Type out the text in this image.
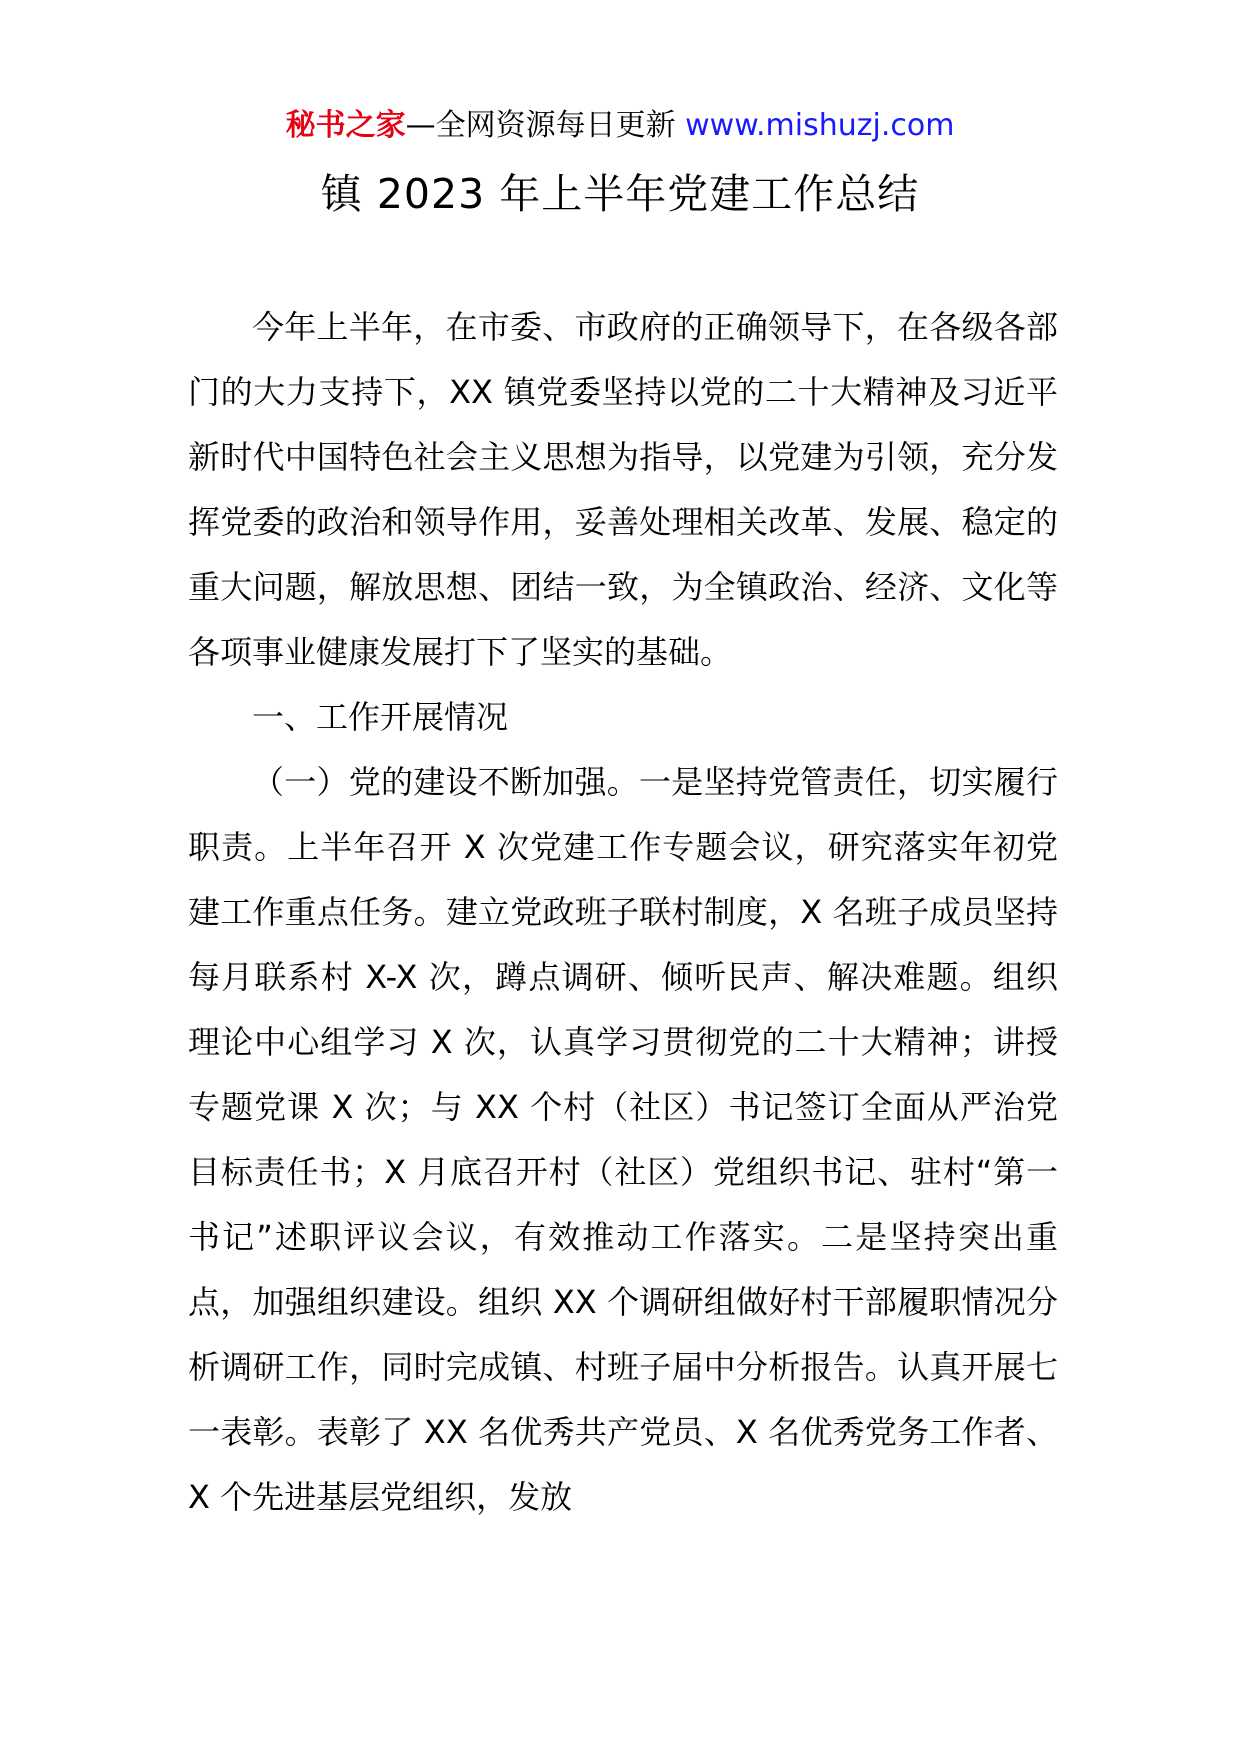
秘书之家—全网资源每日更新 www.mishuzj.com
镇 2023 年上半年党建工作总结

今年上半年，在市委、市政府的正确领导下，在各级各部门的大力支持下，XX 镇党委坚持以党的二十大精神及习近平新时代中国特色社会主义思想为指导，以党建为引领，充分发挥党委的政治和领导作用，妥善处理相关改革、发展、稳定的重大问题，解放思想、团结一致，为全镇政治、经济、文化等各项事业健康发展打下了坚实的基础。

一、工作开展情况

（一）党的建设不断加强。一是坚持党管责任，切实履行职责。上半年召开 X 次党建工作专题会议，研究落实年初党建工作重点任务。建立党政班子联村制度，X 名班子成员坚持每月联系村 X-X 次，蹲点调研、倾听民声、解决难题。组织理论中心组学习 X 次，认真学习贯彻党的二十大精神；讲授专题党课 X 次；与 XX 个村（社区）书记签订全面从严治党目标责任书；X 月底召开村（社区）党组织书记、驻村“第一书记”述职评议会议，有效推动工作落实。二是坚持突出重点，加强组织建设。组织 XX 个调研组做好村干部履职情况分析调研工作，同时完成镇、村班子届中分析报告。认真开展七一表彰。表彰了 XX 名优秀共产党员、X 名优秀党务工作者、X 个先进基层党组织，发放
